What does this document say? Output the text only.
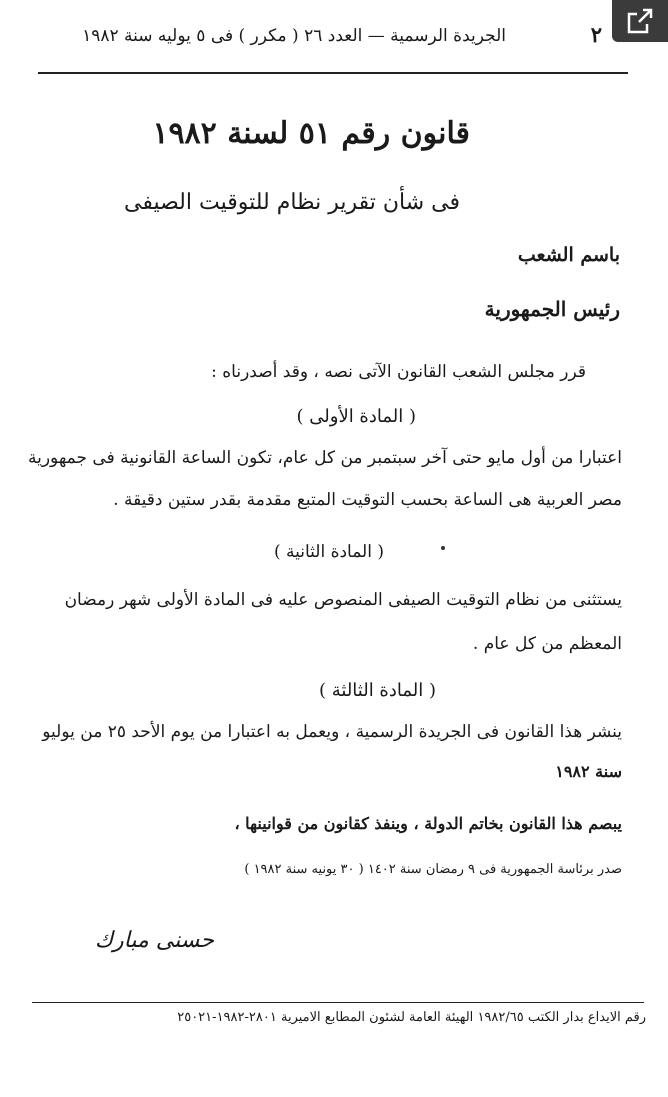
٢
الجريدة الرسمية — العدد ٢٦ ( مكرر ) فى ٥ يوليه سنة ١٩٨٢
قانون رقم ٥١ لسنة ١٩٨٢
فى شأن تقرير نظام للتوقيت الصيفى
باسم الشعب
رئيس الجمهورية
قرر مجلس الشعب القانون الآتى نصه ، وقد أصدرناه :
( المادة الأولى )
اعتبارا من أول مايو حتى آخر سبتمبر من كل عام، تكون الساعة القانونية فى جمهورية
مصر العربية هى الساعة بحسب التوقيت المتبع مقدمة بقدر ستين دقيقة .
( المادة الثانية )
يستثنى من نظام التوقيت الصيفى المنصوص عليه فى المادة الأولى شهر رمضان
المعظم من كل عام .
( المادة الثالثة )
ينشر هذا القانون فى الجريدة الرسمية ، ويعمل به اعتبارا من يوم الأحد ٢٥ من يوليو
سنة ١٩٨٢
يبصم هذا القانون بخاتم الدولة ، وينفذ كقانون من قوانينها ،
صدر برئاسة الجمهورية فى ٩ رمضان سنة ١٤٠٢ ( ٣٠ يونيه سنة ١٩٨٢ )
حسنى مبارك
رقم الايداع بدار الكتب ١٩٨٢/٦٥ الهيئة العامة لشئون المطابع الاميرية ٢٨٠١-١٩٨٢-٢٥٠٢١
